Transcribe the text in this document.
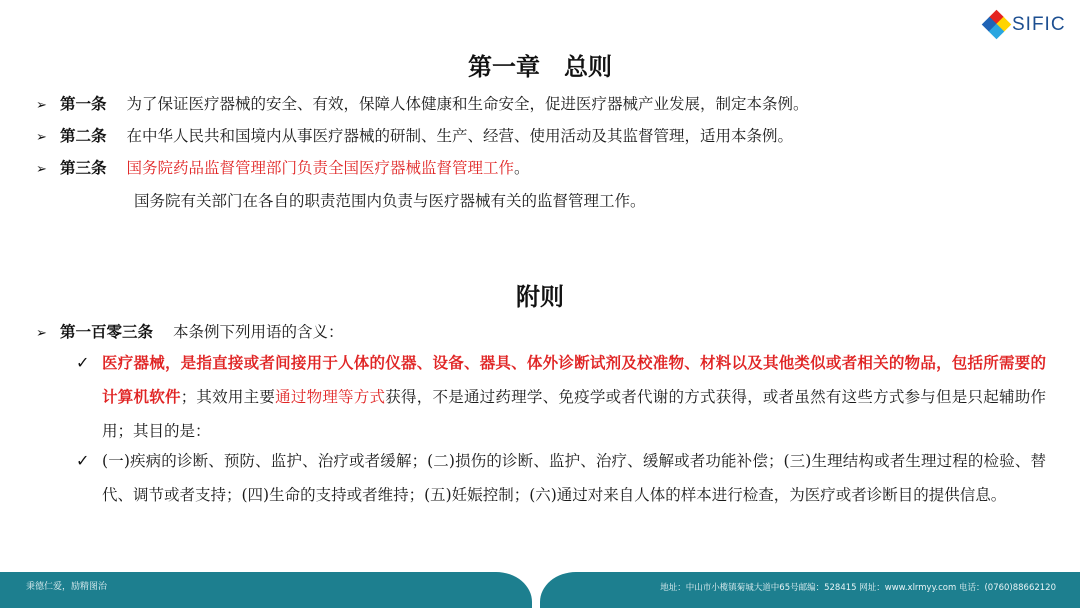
SIFIC
第一章　总则
➢ 第一条 为了保证医疗器械的安全、有效，保障人体健康和生命安全，促进医疗器械产业发展，制定本条例。
➢ 第二条 在中华人民共和国境内从事医疗器械的研制、生产、经营、使用活动及其监督管理，适用本条例。
➢ 第三条 国务院药品监督管理部门负责全国医疗器械监督管理工作。
国务院有关部门在各自的职责范围内负责与医疗器械有关的监督管理工作。
附则
➢ 第一百零三条 本条例下列用语的含义：
✓ 医疗器械，是指直接或者间接用于人体的仪器、设备、器具、体外诊断试剂及校准物、材料以及其他类似或者相关的物品，包括所需要的计算机软件；其效用主要通过物理等方式获得，不是通过药理学、免疫学或者代谢的方式获得，或者虽然有这些方式参与但是只起辅助作用；其目的是：
✓ (一)疾病的诊断、预防、监护、治疗或者缓解；(二)损伤的诊断、监护、治疗、缓解或者功能补偿；(三)生理结构或者生理过程的检验、替代、调节或者支持；(四)生命的支持或者维持；(五)妊娠控制；(六)通过对来自人体的样本进行检查，为医疗或者诊断目的提供信息。
秉德仁爱，励精图治	地址：中山市小榄镇菊城大道中65号邮编：528415 网址：www.xlrmyy.com 电话：(0760)88662120
